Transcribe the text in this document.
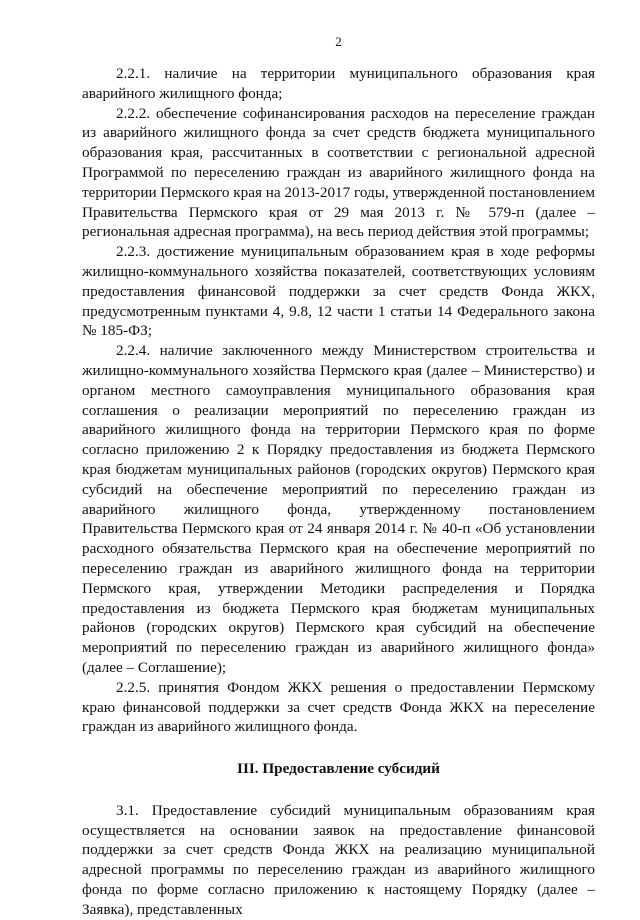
2

2.2.1. наличие на территории муниципального образования края аварийного жилищного фонда;

2.2.2. обеспечение софинансирования расходов на переселение граждан из аварийного жилищного фонда за счет средств бюджета муниципального образования края, рассчитанных в соответствии с региональной адресной Программой по переселению граждан из аварийного жилищного фонда на территории Пермского края на 2013-2017 годы, утвержденной постановлением Правительства Пермского края от 29 мая 2013 г. № 579-п (далее – региональная адресная программа), на весь период действия этой программы;

2.2.3. достижение муниципальным образованием края в ходе реформы жилищно-коммунального хозяйства показателей, соответствующих условиям предоставления финансовой поддержки за счет средств Фонда ЖКХ, предусмотренным пунктами 4, 9.8, 12 части 1 статьи 14 Федерального закона № 185-ФЗ;

2.2.4. наличие заключенного между Министерством строительства и жилищно-коммунального хозяйства Пермского края (далее – Министерство) и органом местного самоуправления муниципального образования края соглашения о реализации мероприятий по переселению граждан из аварийного жилищного фонда на территории Пермского края по форме согласно приложению 2 к Порядку предоставления из бюджета Пермского края бюджетам муниципальных районов (городских округов) Пермского края субсидий на обеспечение мероприятий по переселению граждан из аварийного жилищного фонда, утвержденному постановлением Правительства Пермского края от 24 января 2014 г. № 40-п «Об установлении расходного обязательства Пермского края на обеспечение мероприятий по переселению граждан из аварийного жилищного фонда на территории Пермского края, утверждении Методики распределения и Порядка предоставления из бюджета Пермского края бюджетам муниципальных районов (городских округов) Пермского края субсидий на обеспечение мероприятий по переселению граждан из аварийного жилищного фонда» (далее – Соглашение);

2.2.5. принятия Фондом ЖКХ решения о предоставлении Пермскому краю финансовой поддержки за счет средств Фонда ЖКХ на переселение граждан из аварийного жилищного фонда.

III. Предоставление субсидий

3.1. Предоставление субсидий муниципальным образованиям края осуществляется на основании заявок на предоставление финансовой поддержки за счет средств Фонда ЖКХ на реализацию муниципальной адресной программы по переселению граждан из аварийного жилищного фонда по форме согласно приложению к настоящему Порядку (далее – Заявка), представленных
